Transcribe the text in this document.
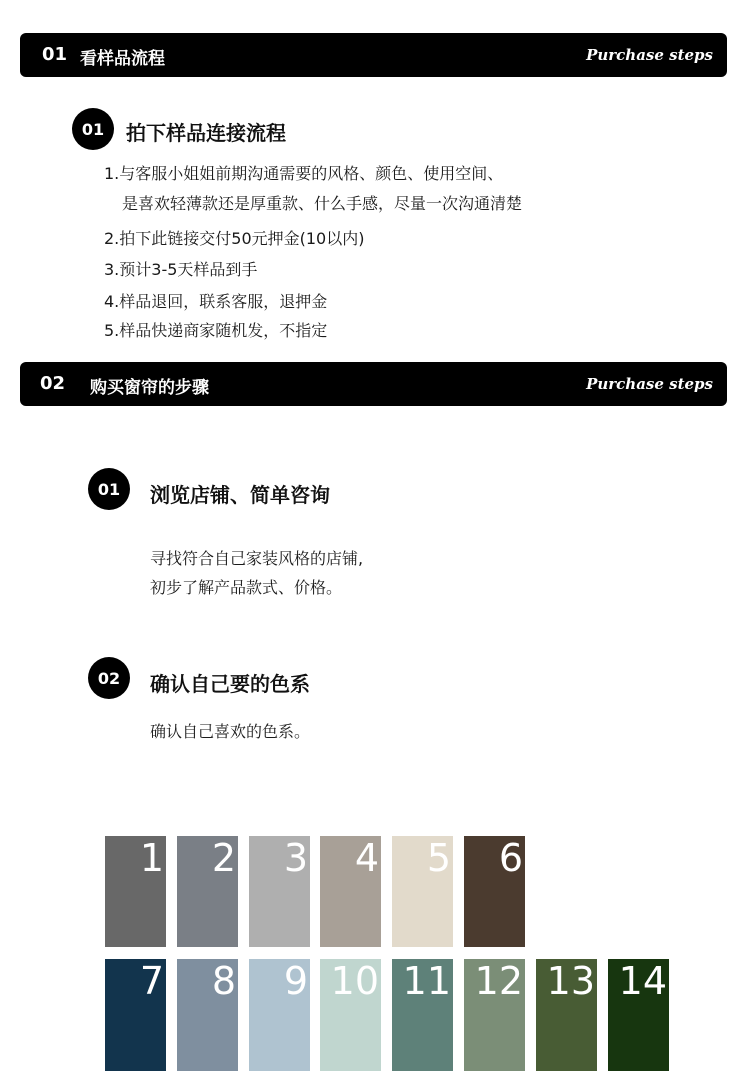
01 看样品流程	Purchase steps
01	拍下样品连接流程
1.与客服小姐姐前期沟通需要的风格、颜色、使用空间、
是喜欢轻薄款还是厚重款、什么手感，尽量一次沟通清楚
2.拍下此链接交付50元押金(10以内)
3.预计3-5天样品到手
4.样品退回，联系客服，退押金
5.样品快递商家随机发，不指定
02 购买窗帘的步骤	Purchase steps
01	浏览店铺、简单咨询
寻找符合自己家装风格的店铺,
初步了解产品款式、价格。
02	确认自己要的色系
确认自己喜欢的色系。
1 2 3 4 5 6
7 8 9 10 11 12 13 14
